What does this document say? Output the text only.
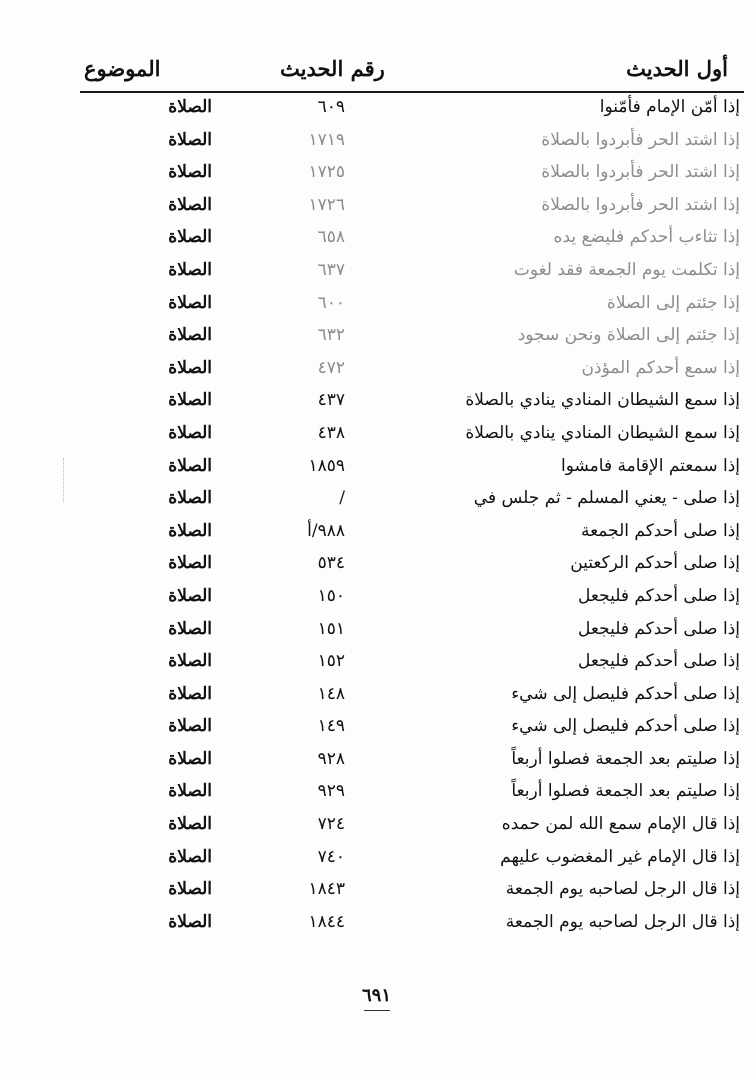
أول الحديث
رقم الحديث
الموضوع
إذا أمّن الإمام فأمّنوا
٦٠٩
الصلاة
إذا اشتد الحر فأبردوا بالصلاة
١٧١٩
الصلاة
إذا اشتد الحر فأبردوا بالصلاة
١٧٢٥
الصلاة
إذا اشتد الحر فأبردوا بالصلاة
١٧٢٦
الصلاة
إذا تثاءب أحدكم فليضع يده
٦٥٨
الصلاة
إذا تكلمت يوم الجمعة فقد لغوت
٦٣٧
الصلاة
إذا جئتم إلى الصلاة
٦٠٠
الصلاة
إذا جئتم إلى الصلاة ونحن سجود
٦٣٢
الصلاة
إذا سمع أحدكم المؤذن
٤٧٢
الصلاة
إذا سمع الشيطان المنادي ينادي بالصلاة
٤٣٧
الصلاة
إذا سمع الشيطان المنادي ينادي بالصلاة
٤٣٨
الصلاة
إذا سمعتم الإقامة فامشوا
١٨٥٩
الصلاة
إذا صلى - يعني المسلم - ثم جلس في
/
الصلاة
إذا صلى أحدكم الجمعة
٩٨٨/أ
الصلاة
إذا صلى أحدكم الركعتين
٥٣٤
الصلاة
إذا صلى أحدكم فليجعل
١٥٠
الصلاة
إذا صلى أحدكم فليجعل
١٥١
الصلاة
إذا صلى أحدكم فليجعل
١٥٢
الصلاة
إذا صلى أحدكم فليصل إلى شيء
١٤٨
الصلاة
إذا صلى أحدكم فليصل إلى شيء
١٤٩
الصلاة
إذا صليتم بعد الجمعة فصلوا أربعاً
٩٢٨
الصلاة
إذا صليتم بعد الجمعة فصلوا أربعاً
٩٢٩
الصلاة
إذا قال الإمام سمع الله لمن حمده
٧٢٤
الصلاة
إذا قال الإمام غير المغضوب عليهم
٧٤٠
الصلاة
إذا قال الرجل لصاحبه يوم الجمعة
١٨٤٣
الصلاة
إذا قال الرجل لصاحبه يوم الجمعة
١٨٤٤
الصلاة
٦٩١
